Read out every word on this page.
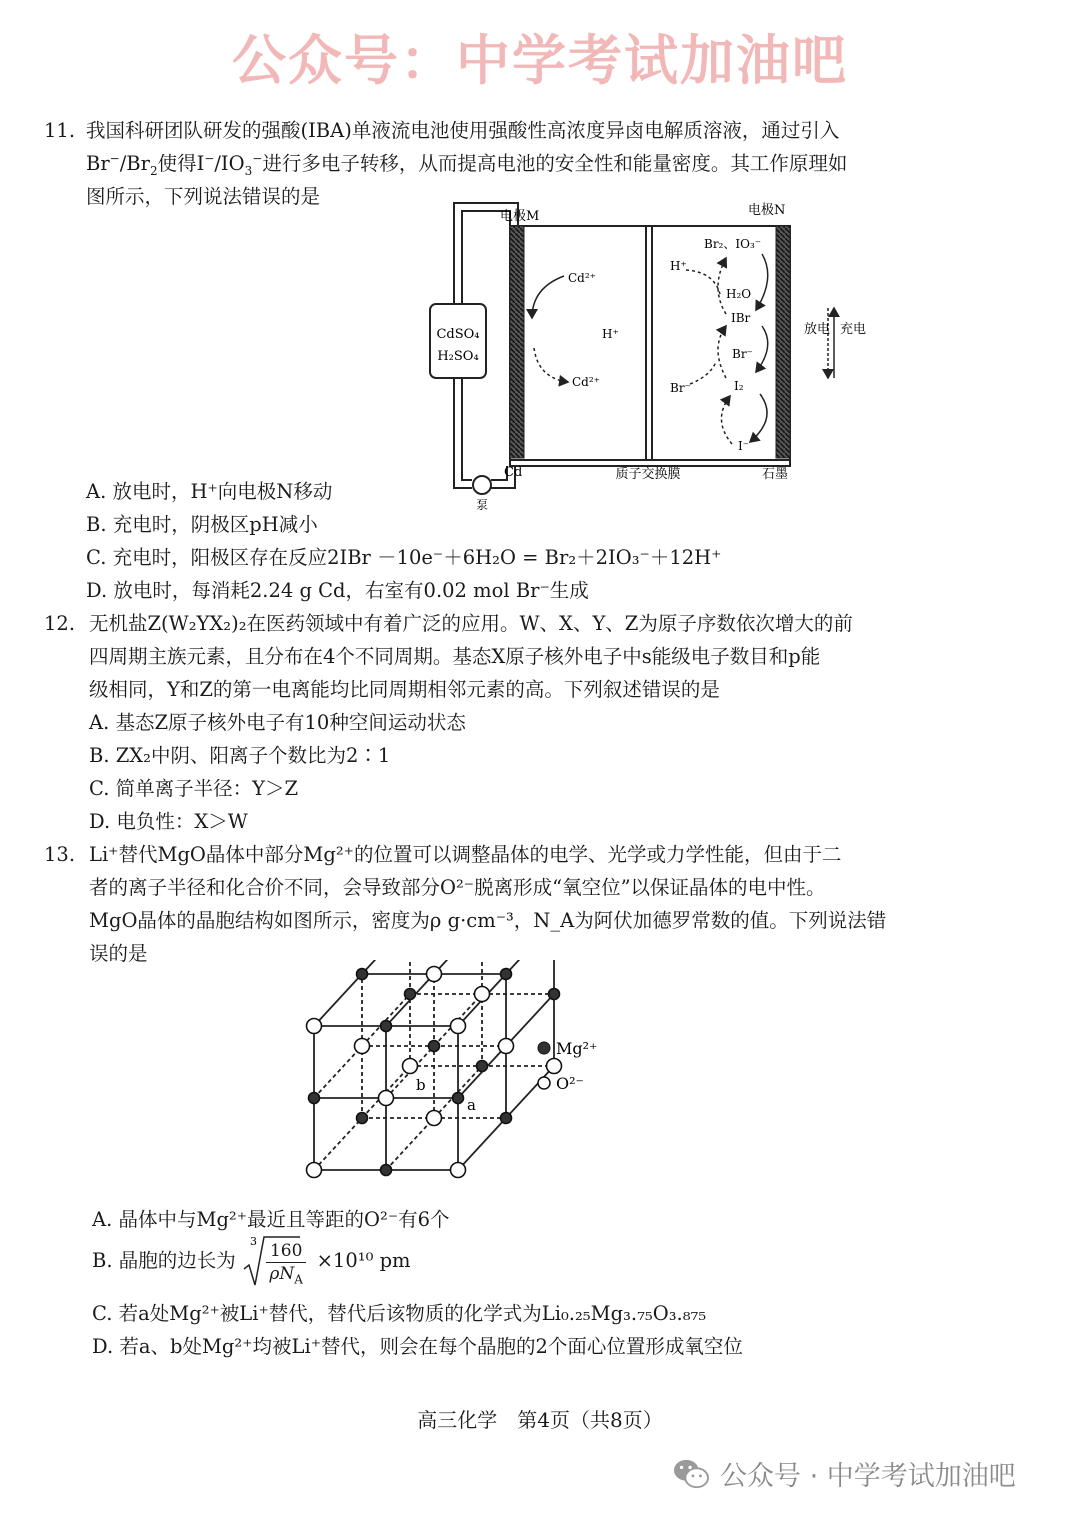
公众号：中学考试加油吧
11. 我国科研团队研发的强酸(IBA)单液流电池使用强酸性高浓度异卤电解质溶液，通过引入
$Br^-/Br_2$使得$I^-/IO_3^-$进行多电子转移，从而提高电池的安全性和能量密度。其工作原理如
图所示，下列说法错误的是
CdSO₄
H₂SO₄
泵
电极M	电极N
Cd	质子交换膜	石墨
Cd²⁺
H⁺
Cd²⁺
Br₂、IO₃⁻
H⁺
H₂O
IBr
Br⁻
Br⁻	I₂
I⁻
放电 充电
A. 放电时，H⁺向电极N移动
B. 充电时，阴极区pH减小
C. 充电时，阳极区存在反应2IBr －10e⁻＋6H₂O = Br₂＋2IO₃⁻＋12H⁺
D. 放电时，每消耗2.24 g Cd，右室有0.02 mol Br⁻生成
12. 无机盐Z(W₂YX₂)₂在医药领域中有着广泛的应用。W、X、Y、Z为原子序数依次增大的前
四周期主族元素，且分布在4个不同周期。基态X原子核外电子中s能级电子数目和p能
级相同，Y和Z的第一电离能均比同周期相邻元素的高。下列叙述错误的是
A. 基态Z原子核外电子有10种空间运动状态
B. ZX₂中阴、阳离子个数比为2∶1
C. 简单离子半径：Y＞Z
D. 电负性：X＞W
13. Li⁺替代MgO晶体中部分Mg²⁺的位置可以调整晶体的电学、光学或力学性能，但由于二
者的离子半径和化合价不同，会导致部分O²⁻脱离形成“氧空位”以保证晶体的电中性。
MgO晶体的晶胞结构如图所示，密度为ρ g·cm⁻³，N_A为阿伏加德罗常数的值。下列说法错
误的是
a
b
Mg²⁺
O²⁻
A. 晶体中与Mg²⁺最近且等距的O²⁻有6个
B. 晶胞的边长为
$3 \frac{160}{\rho N_A} \times 10^{10}$ pm
C. 若a处Mg²⁺被Li⁺替代，替代后该物质的化学式为Li₀.₂₅Mg₃.₇₅O₃.₈₇₅
D. 若a、b处Mg²⁺均被Li⁺替代，则会在每个晶胞的2个面心位置形成氧空位
高三化学　第4页（共8页）
公众号 · 中学考试加油吧
